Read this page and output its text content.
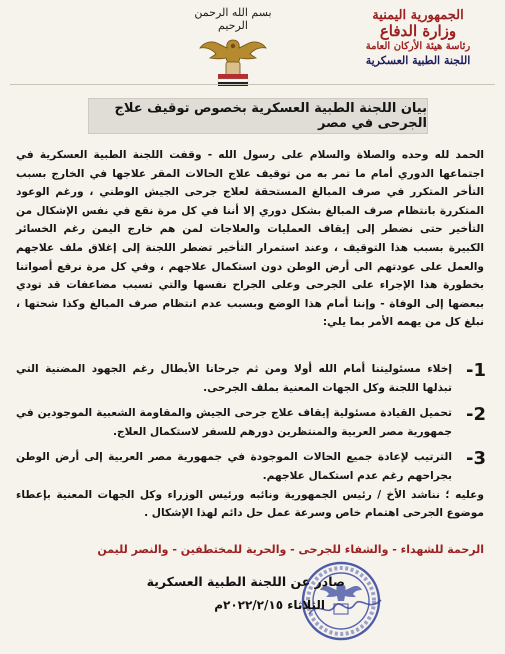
الجمهورية اليمنية
وزارة الدفاع
رئاسة هيئة الأركان العامة
اللجنة الطبية العسكرية
بسم الله الرحمن الرحيم
بيان اللجنة الطبية العسكرية بخصوص توقيف علاج الجرحى في مصر

الحمد لله وحده والصلاة والسلام على رسول الله - وقفت اللجنة الطبية العسكرية في اجتماعها الدوري أمام ما تمر به من توقيف علاج الحالات المقر علاجها في الخارج بسبب التأخر المتكرر في صرف المبالغ المستحقة لعلاج جرحى الجيش الوطني ، ورغم الوعود المتكررة بانتظام صرف المبالغ بشكل دوري إلا أننا في كل مرة نقع في نفس الإشكال من التأخير حتى نضطر إلى إيقاف العمليات والعلاجات لمن هم خارج اليمن رغم الخسائر الكبيرة بسبب هذا التوقيف ، وعند استمرار التأخير تضطر اللجنة إلى إغلاق ملف علاجهم والعمل على عودتهم الى أرض الوطن دون استكمال علاجهم ، وفي كل مرة نرفع أصواتنا بخطورة هذا الإجراء على الجرحى وعلى الجراح نفسها والتي تسبب مضاعفات قد تودي ببعضها إلى الوفاة - وإننا أمام هذا الوضع وبسبب عدم انتظام صرف المبالغ وكذا شحتها ، نبلغ كل من يهمه الأمر بما يلي:

1-
إخلاء مسئوليتنا أمام الله أولا ومن ثم جرحانا الأبطال رغم الجهود المضنية التي تبذلها اللجنة وكل الجهات المعنية بملف الجرحى.
2-
تحميل القيادة مسئولية إيقاف علاج جرحى الجيش والمقاومة الشعبية الموجودين في جمهورية مصر العربية والمنتظرين دورهم للسفر لاستكمال العلاج.
3-
الترتيب لإعادة جميع الحالات الموجودة في جمهورية مصر العربية إلى أرض الوطن بجراحهم رغم عدم استكمال علاجهم.
وعليه ؛ نناشد الأخ / رئيس الجمهورية ونائبه ورئيس الوزراء وكل الجهات المعنية بإعطاء موضوع الجرحى اهتمام خاص وسرعة عمل حل دائم لهذا الإشكال .
الرحمة للشهداء - والشفاء للجرحى - والحرية للمختطفين - والنصر لليمن
صادر عن اللجنة الطبية العسكرية
الثلاثاء ٢٠٢٢/٢/١٥م
